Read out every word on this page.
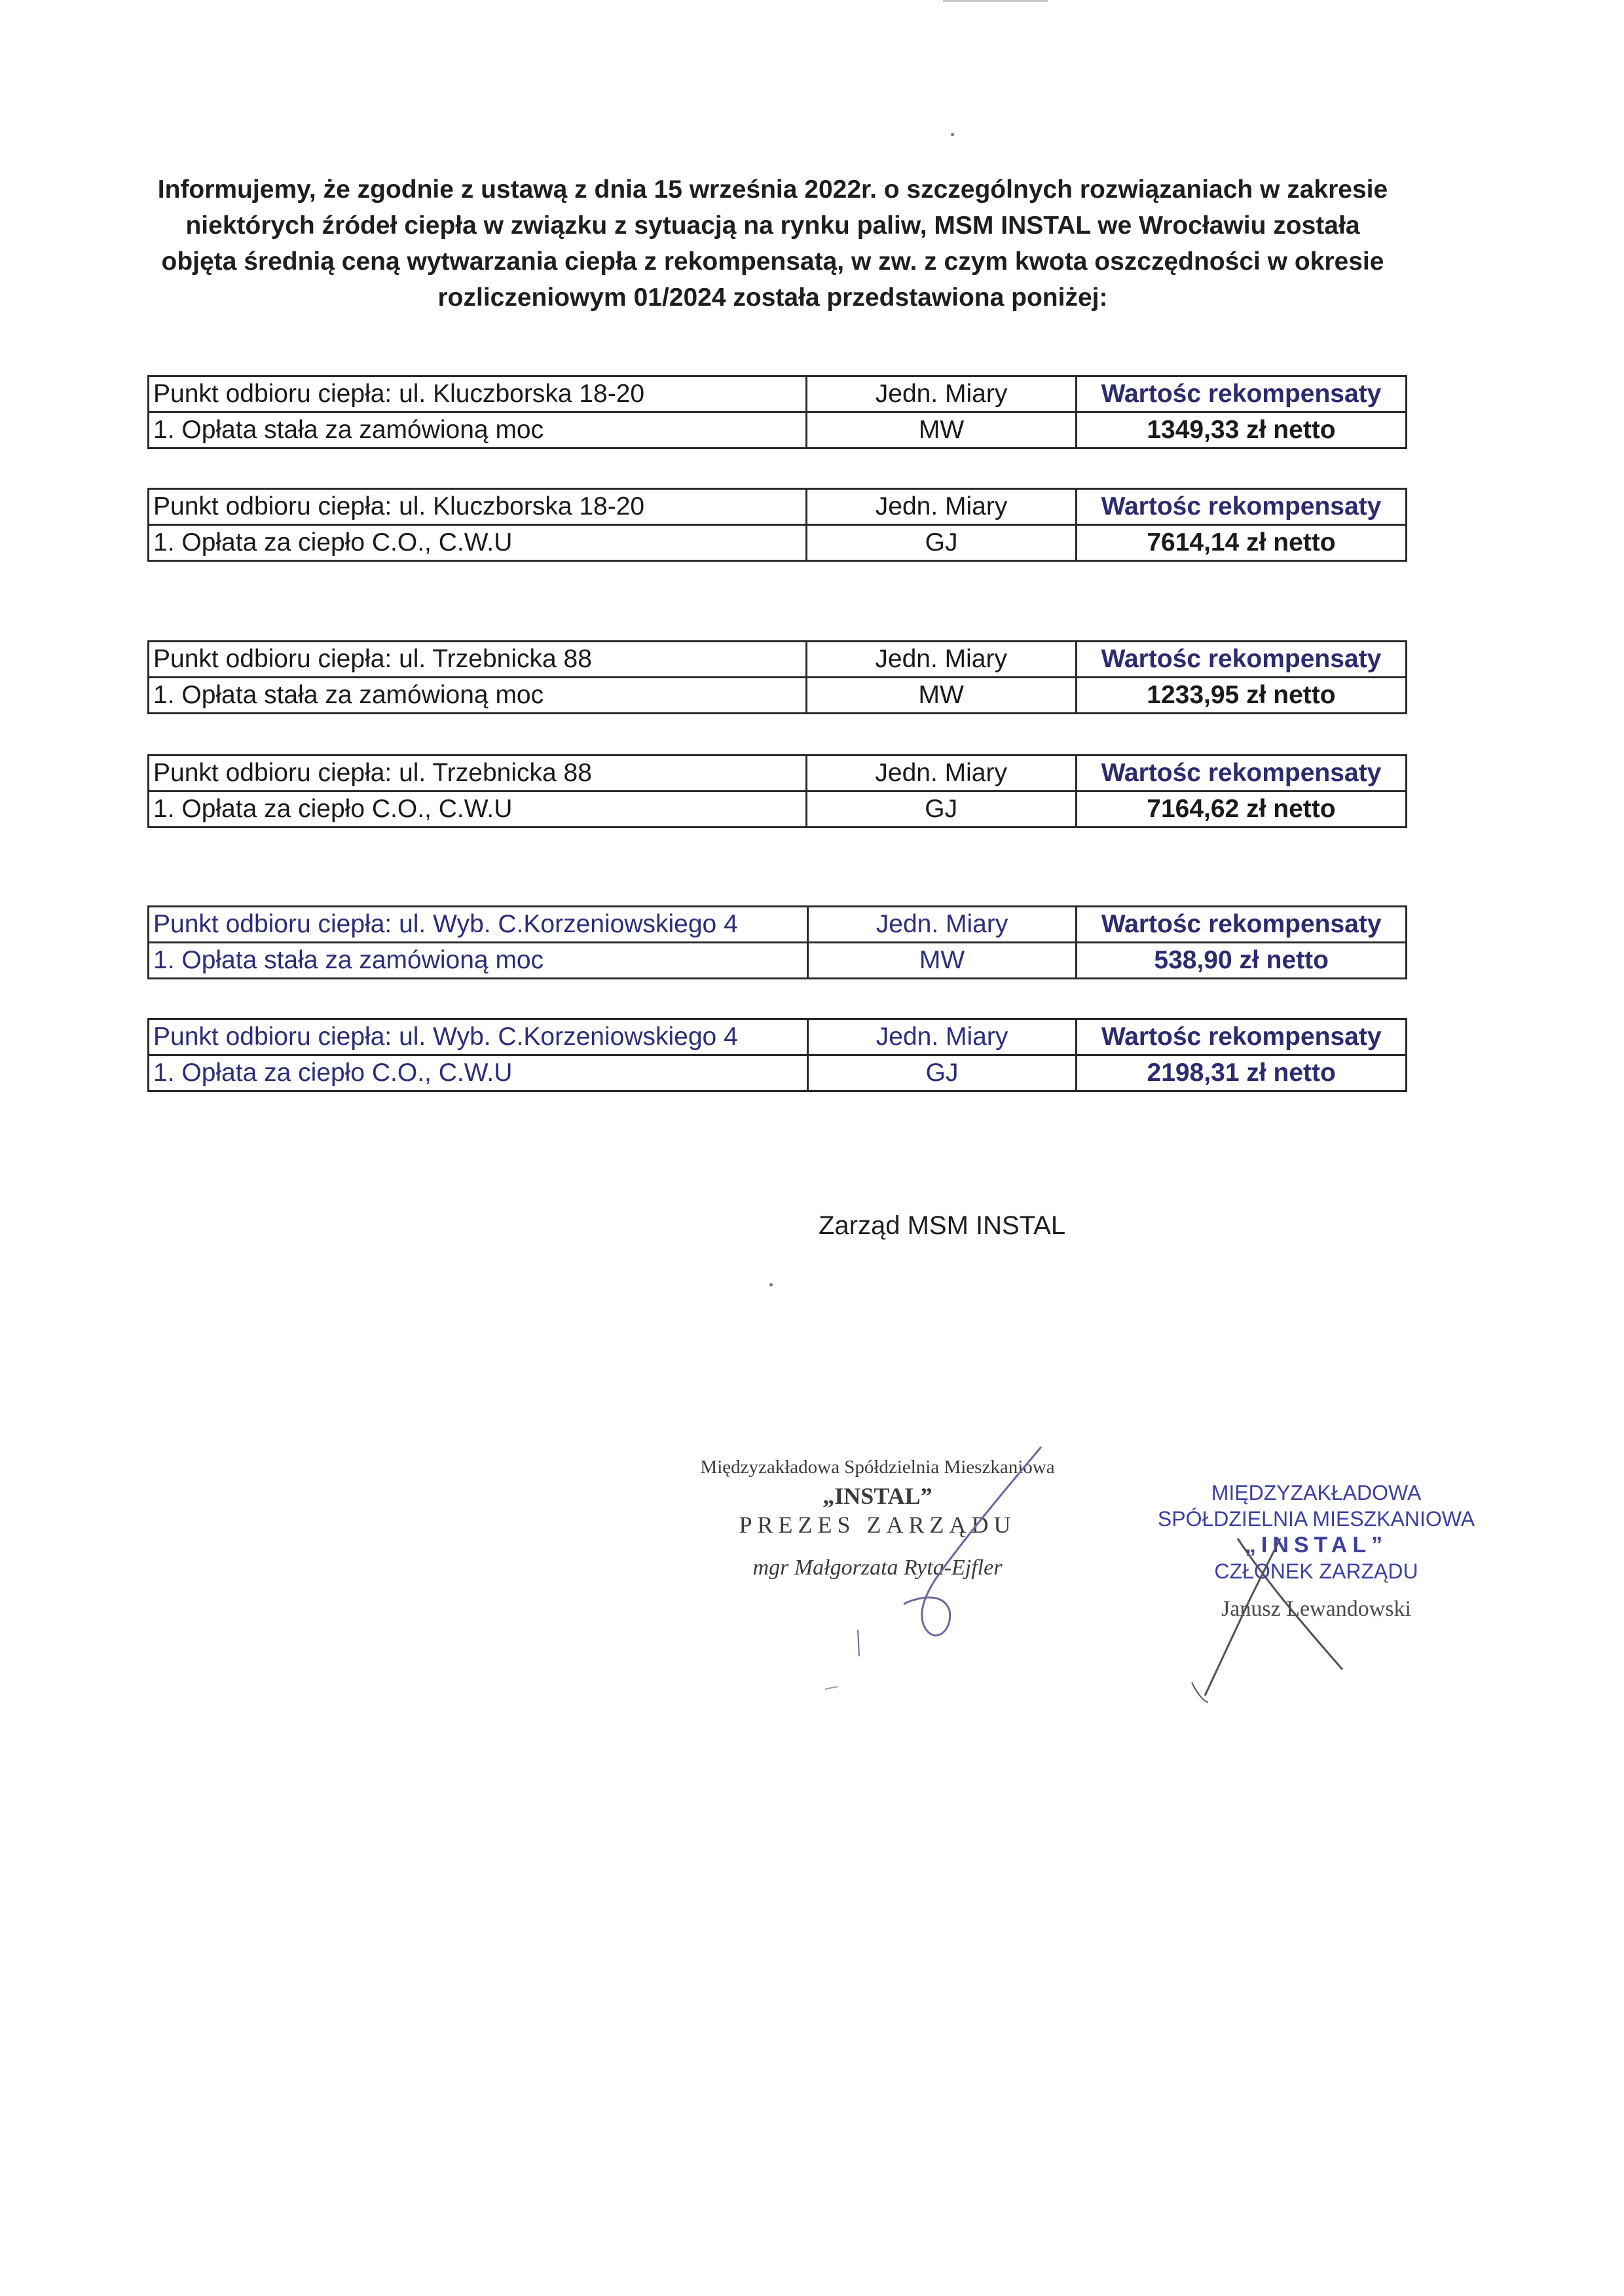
Informujemy, że zgodnie z ustawą z dnia 15 września 2022r. o szczególnych rozwiązaniach w zakresie niektórych źródeł ciepła w związku z sytuacją na rynku paliw, MSM INSTAL we Wrocławiu została objęta średnią ceną wytwarzania ciepła z rekompensatą, w zw. z czym kwota oszczędności w okresie rozliczeniowym 01/2024 została przedstawiona poniżej:
Punkt odbioru ciepła: ul. Kluczborska 18-20	Jedn. Miary	Wartośc rekompensaty
1. Opłata stała za zamówioną moc	MW	1349,33 zł netto
Punkt odbioru ciepła: ul. Kluczborska 18-20	Jedn. Miary	Wartośc rekompensaty
1. Opłata za ciepło C.O., C.W.U	GJ	7614,14 zł netto
Punkt odbioru ciepła: ul. Trzebnicka 88	Jedn. Miary	Wartośc rekompensaty
1. Opłata stała za zamówioną moc	MW	1233,95 zł netto
Punkt odbioru ciepła: ul. Trzebnicka 88	Jedn. Miary	Wartośc rekompensaty
1. Opłata za ciepło C.O., C.W.U	GJ	7164,62 zł netto
Punkt odbioru ciepła: ul. Wyb. C.Korzeniowskiego 4	Jedn. Miary	Wartośc rekompensaty
1. Opłata stała za zamówioną moc	MW	538,90 zł netto
Punkt odbioru ciepła: ul. Wyb. C.Korzeniowskiego 4	Jedn. Miary	Wartośc rekompensaty
1. Opłata za ciepło C.O., C.W.U	GJ	2198,31 zł netto
Zarząd MSM INSTAL
Międzyzakładowa Spółdzielnia Mieszkaniowa
„INSTAL”
PREZES ZARZĄDU
mgr Małgorzata Ryta-Ejfler
MIĘDZYZAKŁADOWA
SPÓŁDZIELNIA MIESZKANIOWA
„INSTAL”
CZŁONEK ZARZĄDU
Janusz Lewandowski
